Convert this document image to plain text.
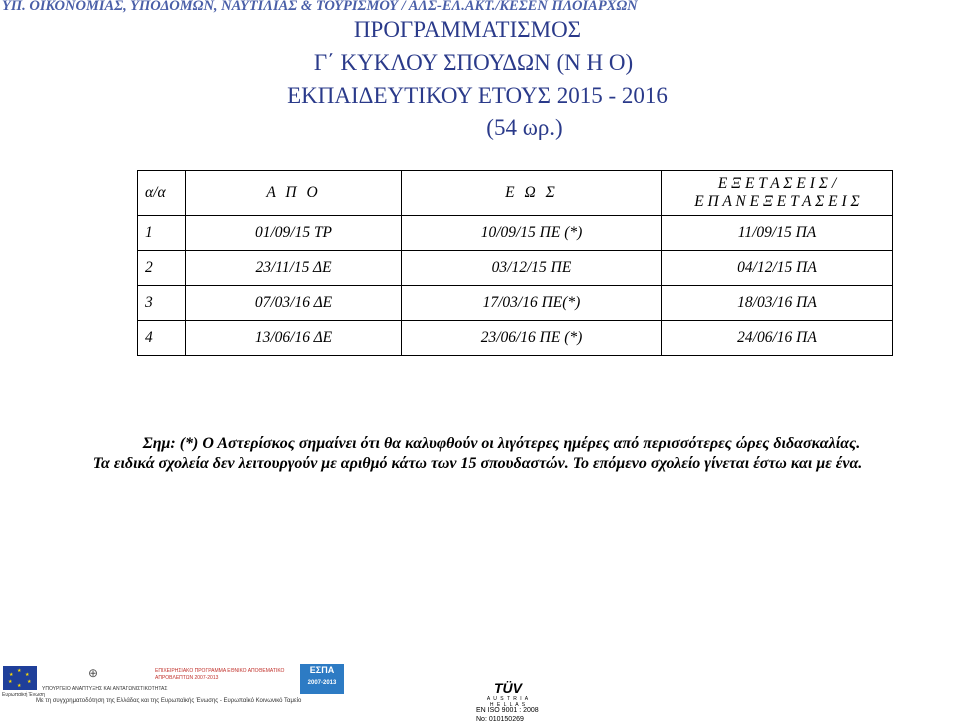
ΥΠ. ΟΙΚΟΝΟΜΙΑΣ, ΥΠΟΔΟΜΩΝ, ΝΑΥΤΙΛΙΑΣ & ΤΟΥΡΙΣΜΟΥ / ΑΛΣ-ΕΛ.ΑΚΤ./ΚΕΣΕΝ ΠΛΟΙΑΡΧΩΝ
ΠΡΟΓΡΑΜΜΑΤΙΣΜΟΣ
Γ΄ ΚΥΚΛΟΥ ΣΠΟΥΔΩΝ (Ν Η Ο)
ΕΚΠΑΙΔΕΥΤΙΚΟΥ ΕΤΟΥΣ 2015 - 2016
(54 ωρ.)
α/α	Α Π Ο	Ε Ω Σ	Ε Ξ Ε Τ Α Σ Ε Ι Σ /
Ε Π Α Ν Ε Ξ Ε Τ Α Σ Ε Ι Σ

1	01/09/15 ΤΡ	10/09/15 ΠΕ (*)	11/09/15 ΠΑ
2	23/11/15 ΔΕ	03/12/15 ΠΕ	04/12/15 ΠΑ
3	07/03/16 ΔΕ	17/03/16 ΠΕ(*)	18/03/16 ΠΑ
4	13/06/16 ΔΕ	23/06/16 ΠΕ (*)	24/06/16 ΠΑ
Σημ: (*) Ο Αστερίσκος σημαίνει ότι θα καλυφθούν οι λιγότερες ημέρες από περισσότερες ώρες διδασκαλίας.
Τα ειδικά σχολεία δεν λειτουργούν με αριθμό κάτω των 15 σπουδαστών. Το επόμενο σχολείο γίνεται έστω και με ένα.
★
★
★
★
★
★
Ευρωπαϊκή Ένωση
⊕
ΥΠΟΥΡΓΕΙΟ ΑΝΑΠΤΥΞΗΣ ΚΑΙ ΑΝΤΑΓΩΝΙΣΤΙΚΟΤΗΤΑΣ
ΕΠΙΧΕΙΡΗΣΙΑΚΟ ΠΡΟΓΡΑΜΜΑ ΕΘΝΙΚΟ ΑΠΟΘΕΜΑΤΙΚΟ ΑΠΡΟΒΛΕΠΤΩΝ 2007-2013
ΕΣΠΑ
2007-2013
Με τη συγχρηματοδότηση της Ελλάδας και της Ευρωπαϊκής Ένωσης - Ευρωπαϊκό Κοινωνικό Ταμείο
TÜV
A U S T R I A
H E L L A S
EN ISO 9001 : 2008
No: 010150269
